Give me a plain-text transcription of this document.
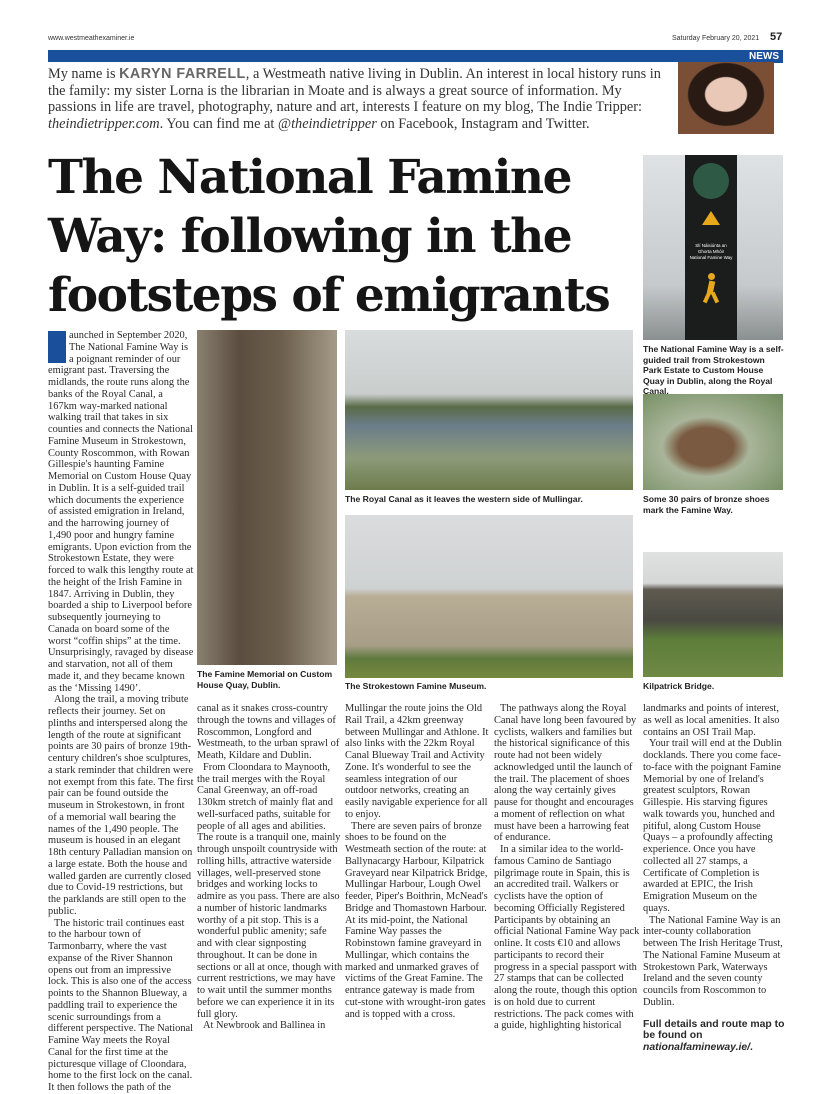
www.westmeathexaminer.ie	Saturday February 20, 2021 57
NEWS
My name is KARYN FARRELL, a Westmeath native living in Dublin. An interest in local history runs in the family: my sister Lorna is the librarian in Moate and is always a great source of information. My passions in life are travel, photography, nature and art, interests I feature on my blog, The Indie Tripper: theindietripper.com. You can find me at @theindietripper on Facebook, Instagram and Twitter.
The National Famine Way: following in the footsteps of emigrants
Slí Náisiúnta an Ghorta Mhóir
National Famine Way
The National Famine Way is a self-guided trail from Strokestown Park Estate to Custom House Quay in Dublin, along the Royal Canal.
Some 30 pairs of bronze shoes mark the Famine Way.
The Famine Memorial on Custom House Quay, Dublin.
The Royal Canal as it leaves the western side of Mullingar.
The Strokestown Famine Museum.	Kilpatrick Bridge.

aunched in September 2020, The National Famine Way is a poignant reminder of our emigrant past. Traversing the midlands, the route runs along the banks of the Royal Canal, a 167km way-marked national walking trail that takes in six counties and connects the National Famine Museum in Strokestown, County Roscommon, with Rowan Gillespie's haunting Famine Memorial on Custom House Quay in Dublin. It is a self-guided trail which documents the experience of assisted emigration in Ireland, and the harrowing journey of 1,490 poor and hungry famine emigrants. Upon eviction from the Strokestown Estate, they were forced to walk this lengthy route at the height of the Irish Famine in 1847. Arriving in Dublin, they boarded a ship to Liverpool before subsequently journeying to Canada on board some of the worst “coffin ships” at the time. Unsurprisingly, ravaged by disease and starvation, not all of them made it, and they became known as the ‘Missing 1490’.

Along the trail, a moving tribute reflects their journey. Set on plinths and interspersed along the length of the route at significant points are 30 pairs of bronze 19th-century children's shoe sculptures, a stark reminder that children were not exempt from this fate. The first pair can be found outside the museum in Strokestown, in front of a memorial wall bearing the names of the 1,490 people. The museum is housed in an elegant 18th century Palladian mansion on a large estate. Both the house and walled garden are currently closed due to Covid-19 restrictions, but the parklands are still open to the public.

The historic trail continues east to the harbour town of Tarmonbarry, where the vast expanse of the River Shannon opens out from an impressive lock. This is also one of the access points to the Shannon Blueway, a paddling trail to experience the scenic surroundings from a different perspective. The National Famine Way meets the Royal Canal for the first time at the picturesque village of Cloondara, home to the first lock on the canal. It then follows the path of the

canal as it snakes cross-country through the towns and villages of Roscommon, Longford and Westmeath, to the urban sprawl of Meath, Kildare and Dublin.

From Cloondara to Maynooth, the trail merges with the Royal Canal Greenway, an off-road 130km stretch of mainly flat and well-surfaced paths, suitable for people of all ages and abilities. The route is a tranquil one, mainly through unspoilt countryside with rolling hills, attractive waterside villages, well-preserved stone bridges and working locks to admire as you pass. There are also a number of historic landmarks worthy of a pit stop. This is a wonderful public amenity; safe and with clear signposting throughout. It can be done in sections or all at once, though with current restrictions, we may have to wait until the summer months before we can experience it in its full glory.

At Newbrook and Ballinea in

Mullingar the route joins the Old Rail Trail, a 42km greenway between Mullingar and Athlone. It also links with the 22km Royal Canal Blueway Trail and Activity Zone. It's wonderful to see the seamless integration of our outdoor networks, creating an easily navigable experience for all to enjoy.

There are seven pairs of bronze shoes to be found on the Westmeath section of the route: at Ballynacargy Harbour, Kilpatrick Graveyard near Kilpatrick Bridge, Mullingar Harbour, Lough Owel feeder, Piper's Boithrin, McNead's Bridge and Thomastown Harbour. At its mid-point, the National Famine Way passes the Robinstown famine graveyard in Mullingar, which contains the marked and unmarked graves of victims of the Great Famine. The entrance gateway is made from cut-stone with wrought-iron gates and is topped with a cross.

The pathways along the Royal Canal have long been favoured by cyclists, walkers and families but the historical significance of this route had not been widely acknowledged until the launch of the trail. The placement of shoes along the way certainly gives pause for thought and encourages a moment of reflection on what must have been a harrowing feat of endurance.

In a similar idea to the world-famous Camino de Santiago pilgrimage route in Spain, this is an accredited trail. Walkers or cyclists have the option of becoming Officially Registered Participants by obtaining an official National Famine Way pack online. It costs €10 and allows participants to record their progress in a special passport with 27 stamps that can be collected along the route, though this option is on hold due to current restrictions. The pack comes with a guide, highlighting historical

landmarks and points of interest, as well as local amenities. It also contains an OSI Trail Map.

Your trail will end at the Dublin docklands. There you come face-to-face with the poignant Famine Memorial by one of Ireland's greatest sculptors, Rowan Gillespie. His starving figures walk towards you, hunched and pitiful, along Custom House Quays – a profoundly affecting experience. Once you have collected all 27 stamps, a Certificate of Completion is awarded at EPIC, the Irish Emigration Museum on the quays.

The National Famine Way is an inter-county collaboration between The Irish Heritage Trust, The National Famine Museum at Strokestown Park, Waterways Ireland and the seven county councils from Roscommon to Dublin.

Full details and route map to be found on nationalfamineway.ie/.
